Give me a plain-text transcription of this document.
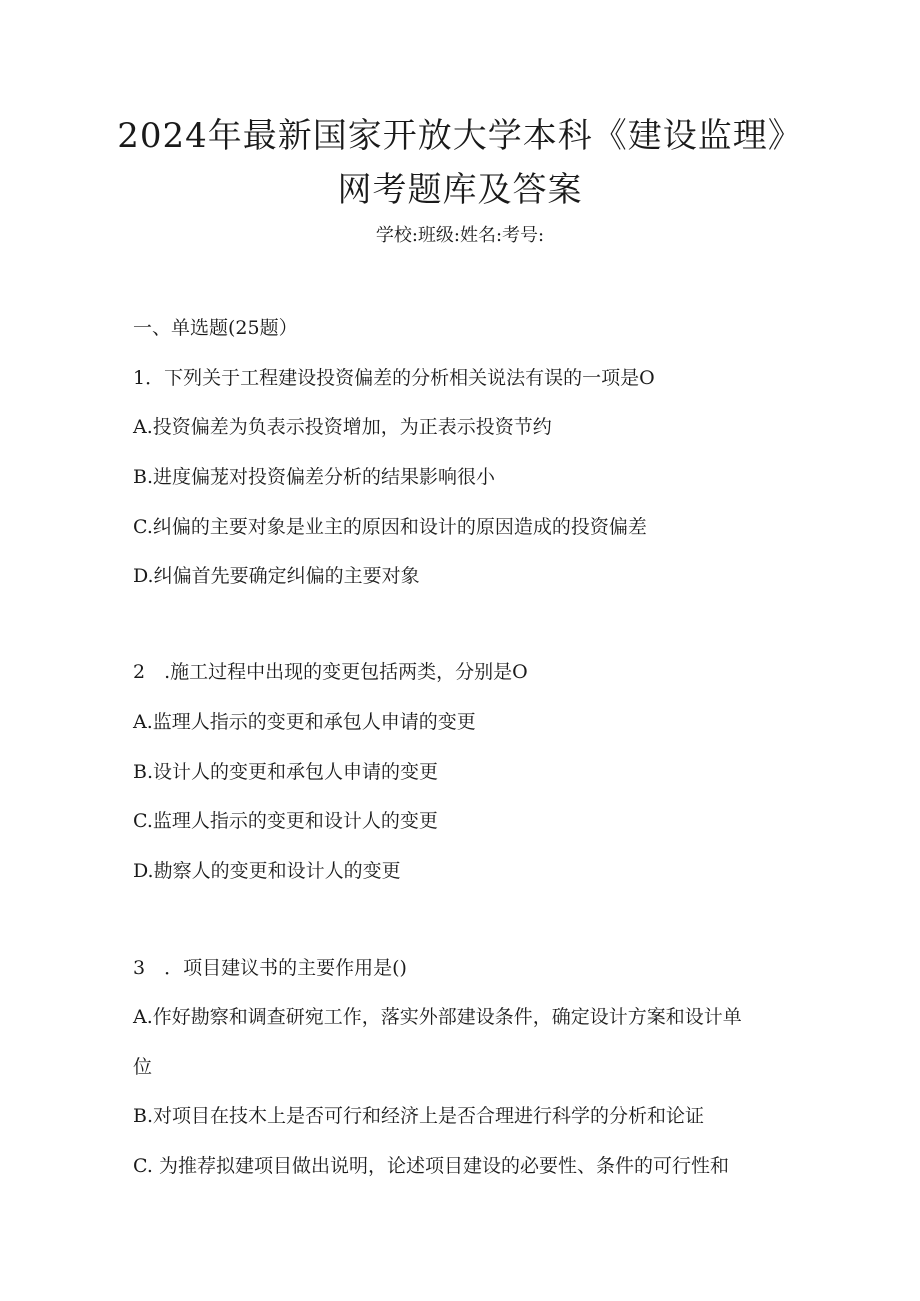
2024年最新国家开放大学本科《建设监理》
网考题库及答案
学校:班级:姓名:考号:
一、单选题(25题）
1．下列关于工程建设投资偏差的分析相关说法有误的一项是O
A.投资偏差为负表示投资增加，为正表示投资节约
B.进度偏茏对投资偏差分析的结果影响很小
C.纠偏的主要对象是业主的原因和设计的原因造成的投资偏差
D.纠偏首先要确定纠偏的主要对象
2　.施工过程中出现的变更包括两类，分别是O
A.监理人指示的变更和承包人申请的变更
B.设计人的变更和承包人申请的变更
C.监理人指示的变更和设计人的变更
D.勘察人的变更和设计人的变更
3　．项目建议书的主要作用是()
A.作好勘察和调查研宛工作，落实外部建设条件，确定设计方案和设计单
位
B.对项目在技木上是否可行和经济上是否合理进行科学的分析和论证
C. 为推荐拟建项目做出说明，论述项目建设的必要性、条件的可行性和
